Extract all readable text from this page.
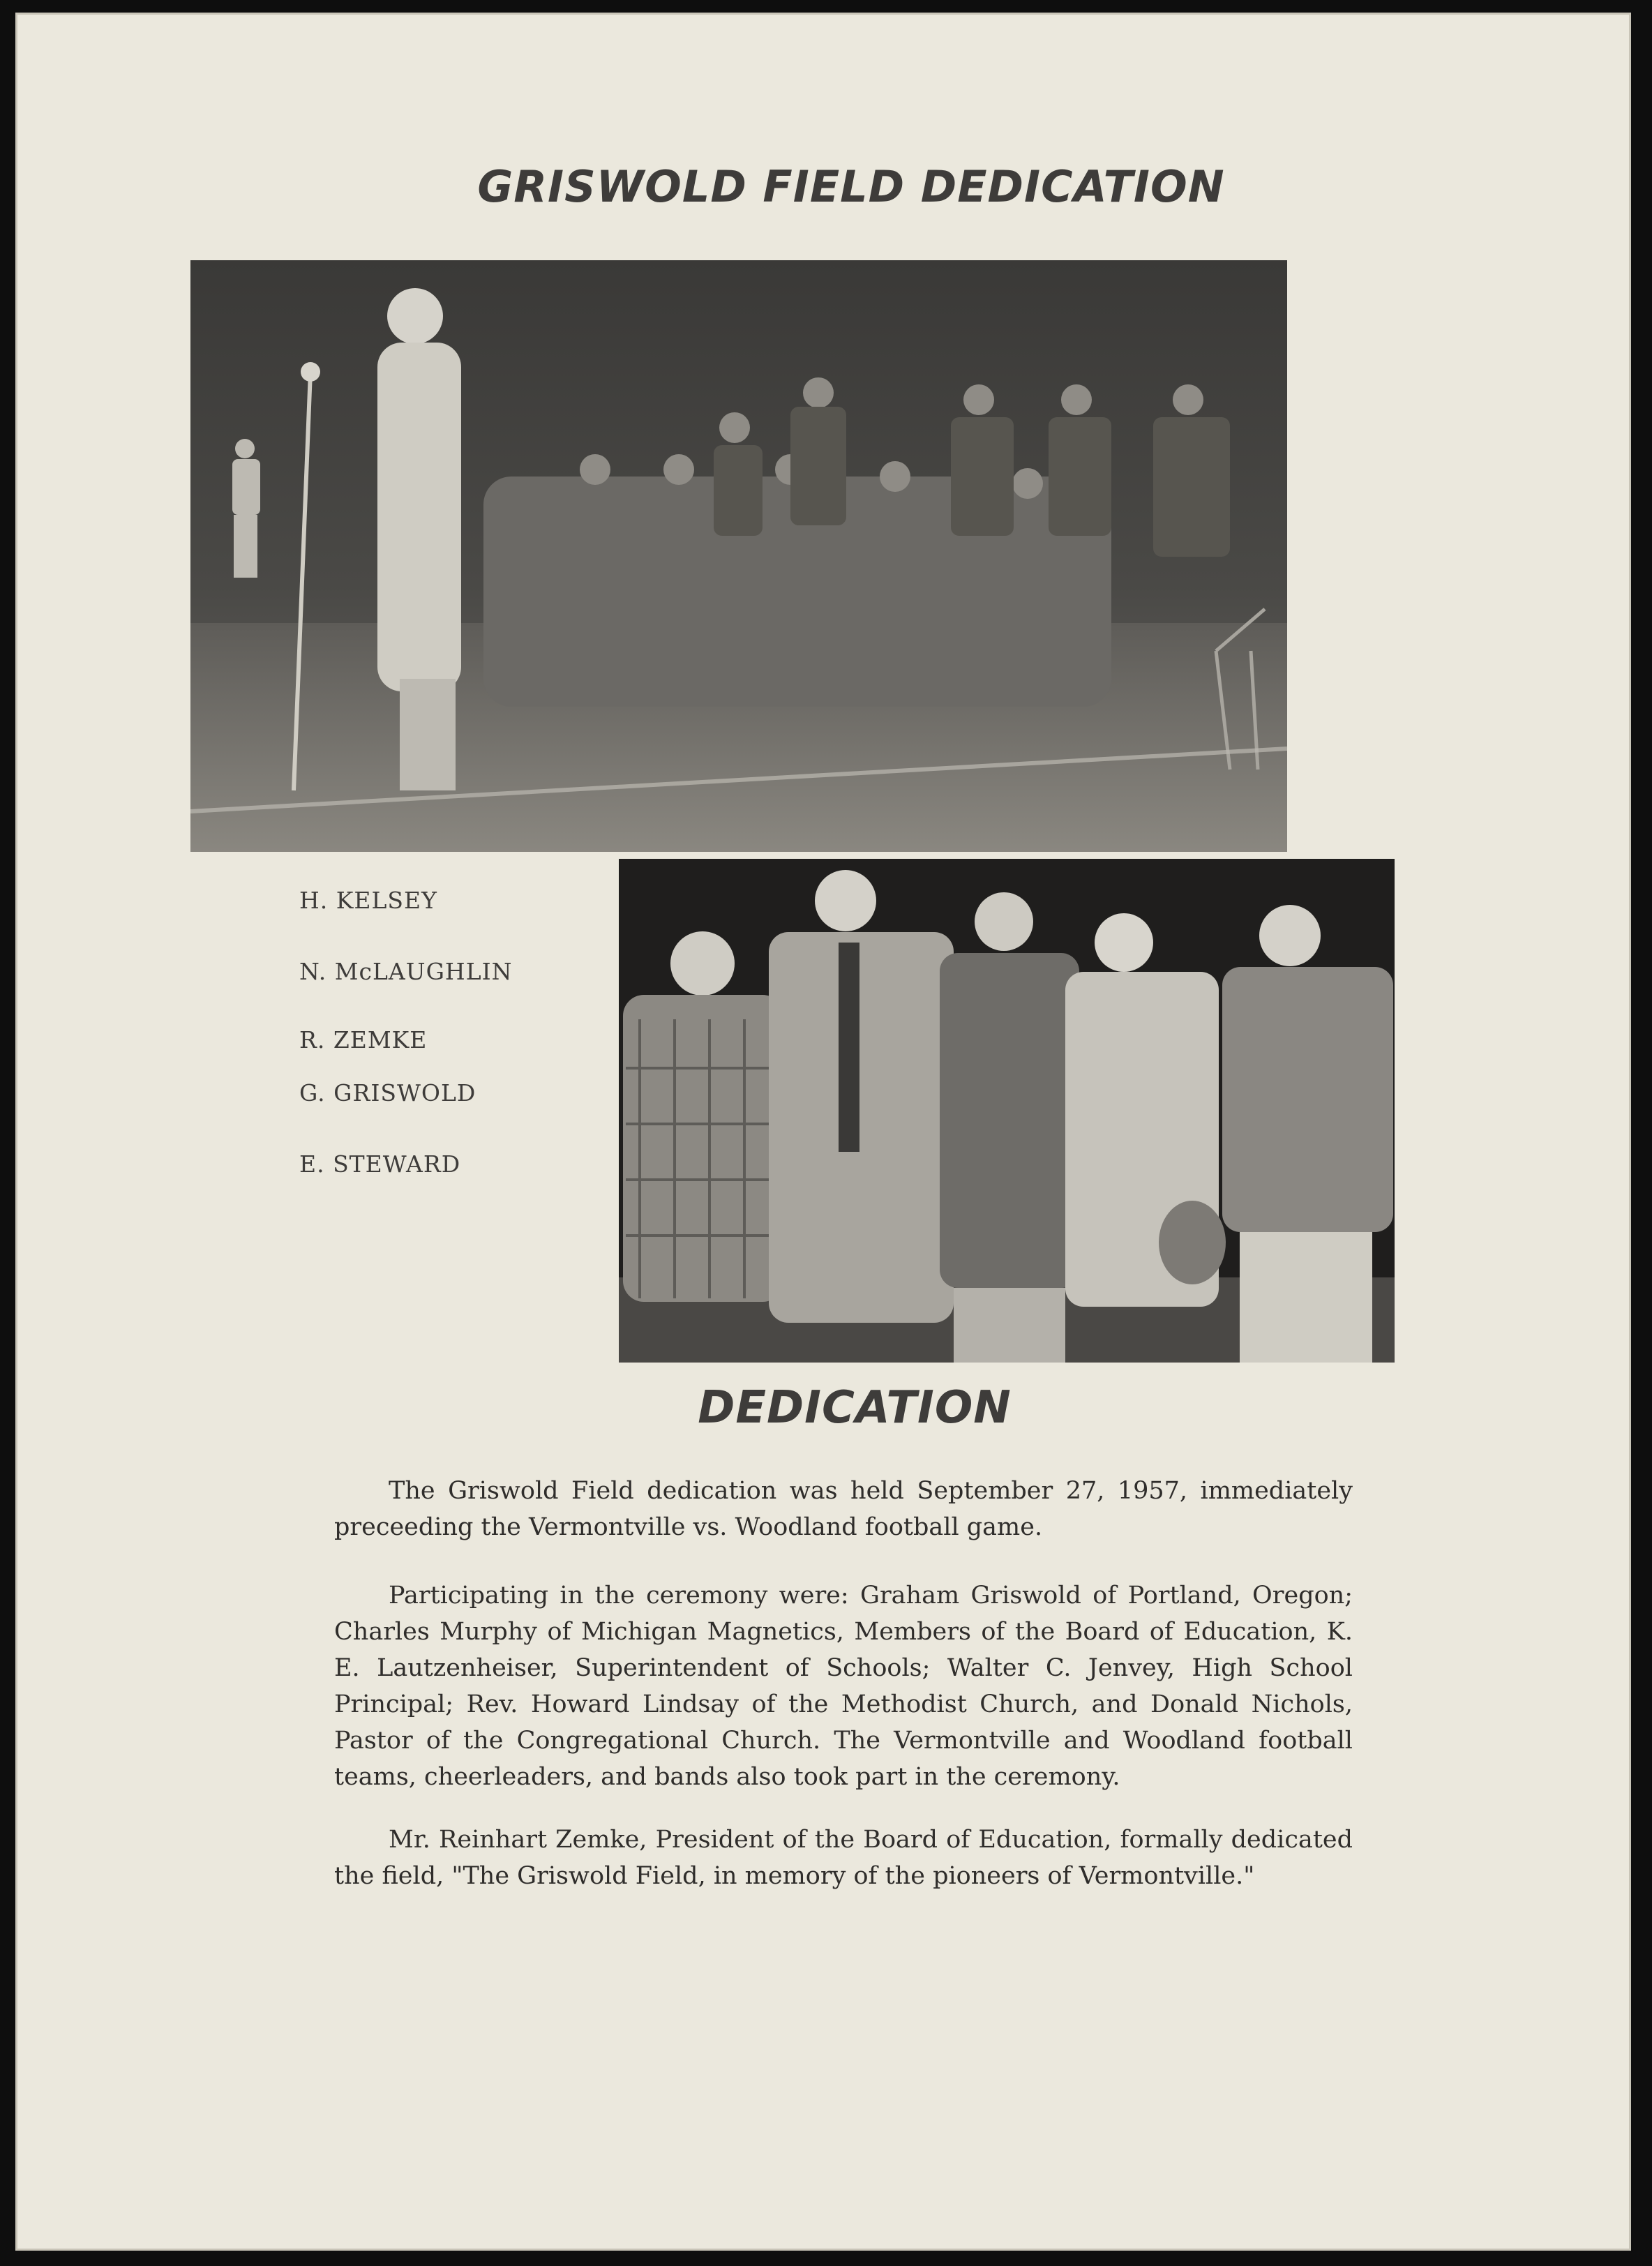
GRISWOLD FIELD DEDICATION
H. KELSEY
N. McLAUGHLIN
R. ZEMKE
G. GRISWOLD
E. STEWARD
DEDICATION
The Griswold Field dedication was held September 27, 1957, immediately preceeding the Vermontville vs. Woodland football game.
Participating in the ceremony were: Graham Griswold of Portland, Oregon; Charles Murphy of Michigan Magnetics, Members of the Board of Education, K. E. Lautzenheiser, Superintendent of Schools; Walter C. Jenvey, High School Principal; Rev. Howard Lindsay of the Methodist Church, and Donald Nichols, Pastor of the Congregational Church. The Vermontville and Woodland football teams, cheerleaders, and bands also took part in the ceremony.
Mr. Reinhart Zemke, President of the Board of Education, formally dedicated the field, "The Griswold Field, in memory of the pioneers of Vermontville."
